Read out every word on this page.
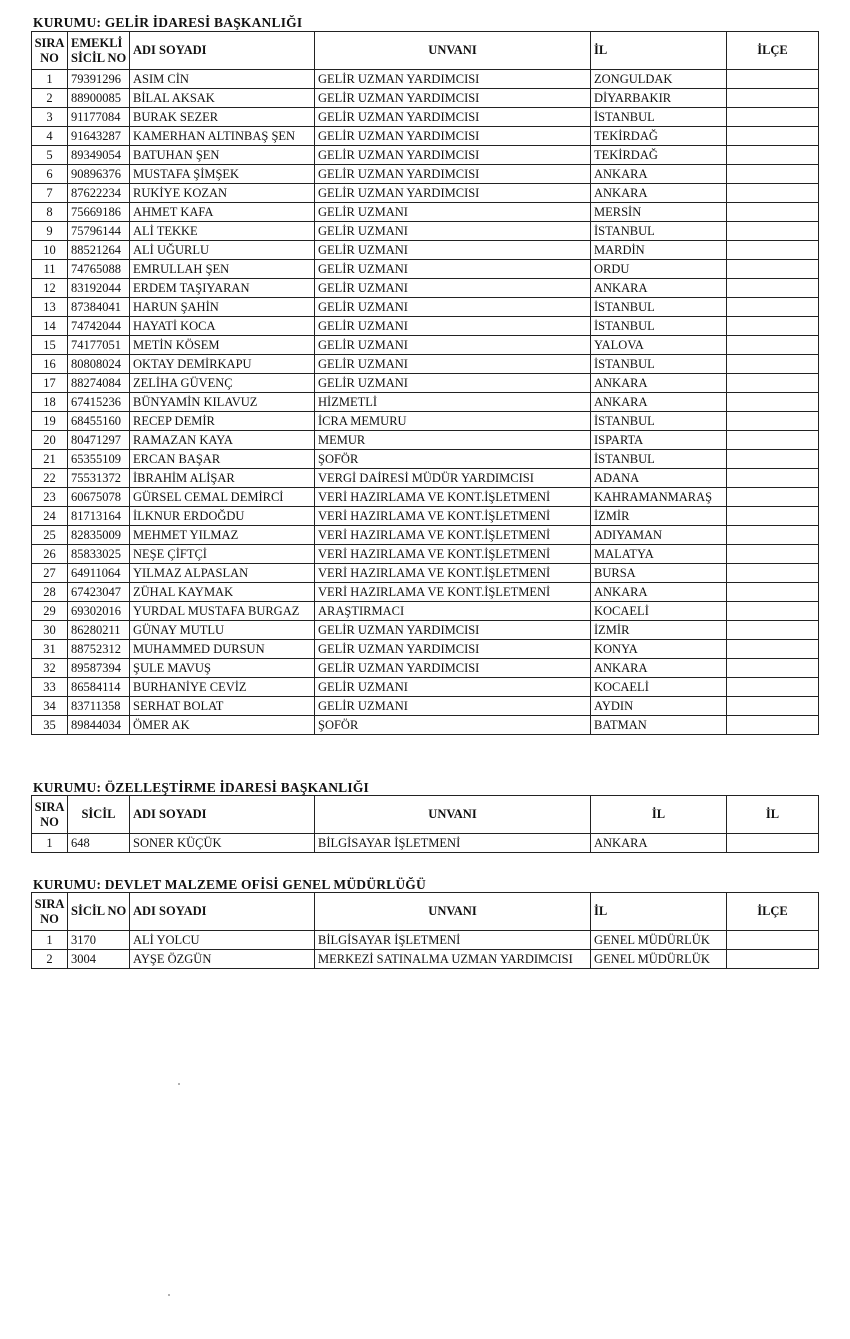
KURUMU: GELİR İDARESİ BAŞKANLIĞI
SIRA NO	EMEKLİ SİCİL NO	ADI SOYADI	UNVANI	İL	İLÇE
1	79391296	ASIM CİN	GELİR UZMAN YARDIMCISI	ZONGULDAK	
2	88900085	BİLAL AKSAK	GELİR UZMAN YARDIMCISI	DİYARBAKIR	
3	91177084	BURAK SEZER	GELİR UZMAN YARDIMCISI	İSTANBUL	
4	91643287	KAMERHAN ALTINBAŞ ŞEN	GELİR UZMAN YARDIMCISI	TEKİRDAĞ	
5	89349054	BATUHAN ŞEN	GELİR UZMAN YARDIMCISI	TEKİRDAĞ	
6	90896376	MUSTAFA ŞİMŞEK	GELİR UZMAN YARDIMCISI	ANKARA	
7	87622234	RUKİYE KOZAN	GELİR UZMAN YARDIMCISI	ANKARA	
8	75669186	AHMET KAFA	GELİR UZMANI	MERSİN	
9	75796144	ALİ TEKKE	GELİR UZMANI	İSTANBUL	
10	88521264	ALİ UĞURLU	GELİR UZMANI	MARDİN	
11	74765088	EMRULLAH ŞEN	GELİR UZMANI	ORDU	
12	83192044	ERDEM TAŞIYARAN	GELİR UZMANI	ANKARA	
13	87384041	HARUN ŞAHİN	GELİR UZMANI	İSTANBUL	
14	74742044	HAYATİ KOCA	GELİR UZMANI	İSTANBUL	
15	74177051	METİN KÖSEM	GELİR UZMANI	YALOVA	
16	80808024	OKTAY DEMİRKAPU	GELİR UZMANI	İSTANBUL	
17	88274084	ZELİHA GÜVENÇ	GELİR UZMANI	ANKARA	
18	67415236	BÜNYAMİN KILAVUZ	HİZMETLİ	ANKARA	
19	68455160	RECEP DEMİR	İCRA MEMURU	İSTANBUL	
20	80471297	RAMAZAN KAYA	MEMUR	ISPARTA	
21	65355109	ERCAN BAŞAR	ŞOFÖR	İSTANBUL	
22	75531372	İBRAHİM ALİŞAR	VERGİ DAİRESİ MÜDÜR YARDIMCISI	ADANA	
23	60675078	GÜRSEL CEMAL DEMİRCİ	VERİ HAZIRLAMA VE KONT.İŞLETMENİ	KAHRAMANMARAŞ	
24	81713164	İLKNUR ERDOĞDU	VERİ HAZIRLAMA VE KONT.İŞLETMENİ	İZMİR	
25	82835009	MEHMET YILMAZ	VERİ HAZIRLAMA VE KONT.İŞLETMENİ	ADIYAMAN	
26	85833025	NEŞE ÇİFTÇİ	VERİ HAZIRLAMA VE KONT.İŞLETMENİ	MALATYA	
27	64911064	YILMAZ ALPASLAN	VERİ HAZIRLAMA VE KONT.İŞLETMENİ	BURSA	
28	67423047	ZÜHAL KAYMAK	VERİ HAZIRLAMA VE KONT.İŞLETMENİ	ANKARA	
29	69302016	YURDAL MUSTAFA BURGAZ	ARAŞTIRMACI	KOCAELİ	
30	86280211	GÜNAY MUTLU	GELİR UZMAN YARDIMCISI	İZMİR	
31	88752312	MUHAMMED DURSUN	GELİR UZMAN YARDIMCISI	KONYA	
32	89587394	ŞULE MAVUŞ	GELİR UZMAN YARDIMCISI	ANKARA	
33	86584114	BURHANİYE CEVİZ	GELİR UZMANI	KOCAELİ	
34	83711358	SERHAT BOLAT	GELİR UZMANI	AYDIN	
35	89844034	ÖMER AK	ŞOFÖR	BATMAN	
KURUMU: ÖZELLEŞTİRME İDARESİ BAŞKANLIĞI
SIRA NO	SİCİL	ADI SOYADI	UNVANI	İL	İL
1	648	SONER KÜÇÜK	BİLGİSAYAR İŞLETMENİ	ANKARA	
KURUMU: DEVLET MALZEME OFİSİ GENEL MÜDÜRLÜĞÜ
SIRA NO	SİCİL NO	ADI SOYADI	UNVANI	İL	İLÇE
1	3170	ALİ YOLCU	BİLGİSAYAR İŞLETMENİ	GENEL MÜDÜRLÜK	
2	3004	AYŞE ÖZGÜN	MERKEZİ SATINALMA UZMAN YARDIMCISI	GENEL MÜDÜRLÜK	
